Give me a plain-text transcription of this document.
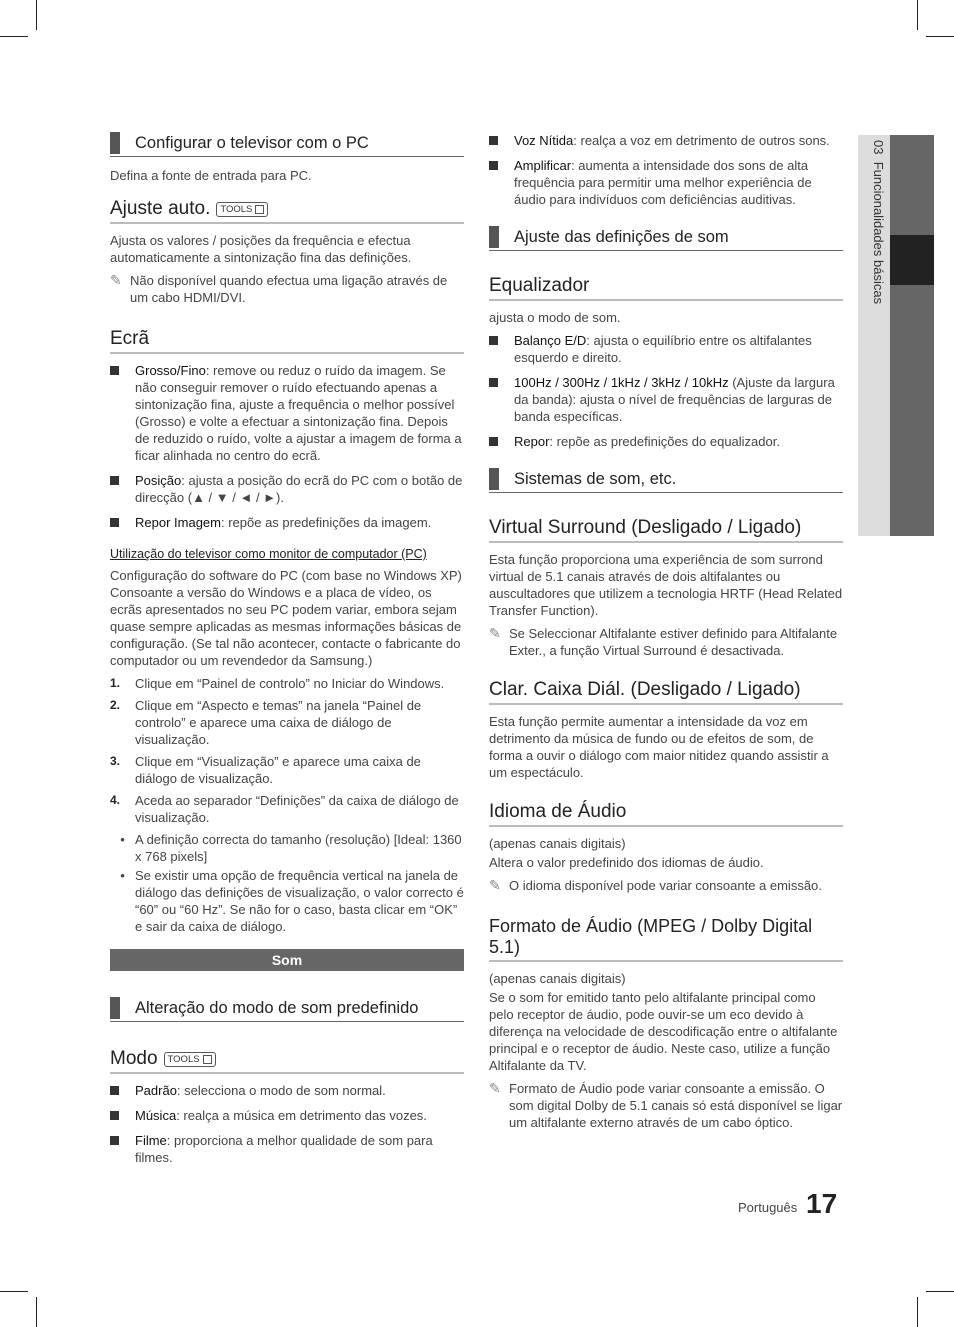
03  Funcionalidades básicas
Configurar o televisor com o PC

Defina a fonte de entrada para PC.

Ajuste auto. TOOLS

Ajusta os valores / posições da frequência e efectua automaticamente a sintonização fina das definições.

✎ Não disponível quando efectua uma ligação através de um cabo HDMI/DVI.
Ecrã
Grosso/Fino: remove ou reduz o ruído da imagem. Se não conseguir remover o ruído efectuando apenas a sintonização fina, ajuste a frequência o melhor possível (Grosso) e volte a efectuar a sintonização fina. Depois de reduzido o ruído, volte a ajustar a imagem de forma a ficar alinhada no centro do ecrã.
Posição: ajusta a posição do ecrã do PC com o botão de direcção (▲ / ▼ / ◄ / ►).
Repor Imagem: repõe as predefinições da imagem.
Utilização do televisor como monitor de computador (PC)

Configuração do software do PC (com base no Windows XP) Consoante a versão do Windows e a placa de vídeo, os ecrãs apresentados no seu PC podem variar, embora sejam quase sempre aplicadas as mesmas informações básicas de configuração. (Se tal não acontecer, contacte o fabricante do computador ou um revendedor da Samsung.)

1.	Clique em “Painel de controlo” no Iniciar do Windows.
2.	Clique em “Aspecto e temas” na janela “Painel de controlo” e aparece uma caixa de diálogo de visualização.
3.	Clique em “Visualização” e aparece uma caixa de diálogo de visualização.
4.	Aceda ao separador “Definições” da caixa de diálogo de visualização.
• A definição correcta do tamanho (resolução) [Ideal: 1360 x 768 pixels]
• Se existir uma opção de frequência vertical na janela de diálogo das definições de visualização, o valor correcto é “60” ou “60 Hz”. Se não for o caso, basta clicar em “OK” e sair da caixa de diálogo.
Som
Alteração do modo de som predefinido
Modo TOOLS
Padrão: selecciona o modo de som normal.
Música: realça a música em detrimento das vozes.
Filme: proporciona a melhor qualidade de som para filmes.
Voz Nítida: realça a voz em detrimento de outros sons.
Amplificar: aumenta a intensidade dos sons de alta frequência para permitir uma melhor experiência de áudio para indivíduos com deficiências auditivas.
Ajuste das definições de som
Equalizador

ajusta o modo de som.

Balanço E/D: ajusta o equilíbrio entre os altifalantes esquerdo e direito.
100Hz / 300Hz / 1kHz / 3kHz / 10kHz (Ajuste da largura da banda): ajusta o nível de frequências de larguras de banda específicas.
Repor: repõe as predefinições do equalizador.
Sistemas de som, etc.
Virtual Surround (Desligado / Ligado)

Esta função proporciona uma experiência de som surrond virtual de 5.1 canais através de dois altifalantes ou auscultadores que utilizem a tecnologia HRTF (Head Related Transfer Function).

✎ Se Seleccionar Altifalante estiver definido para Altifalante Exter., a função Virtual Surround é desactivada.
Clar. Caixa Diál. (Desligado / Ligado)

Esta função permite aumentar a intensidade da voz em detrimento da música de fundo ou de efeitos de som, de forma a ouvir o diálogo com maior nitidez quando assistir a um espectáculo.

Idioma de Áudio

(apenas canais digitais)

Altera o valor predefinido dos idiomas de áudio.

✎ O idioma disponível pode variar consoante a emissão.
Formato de Áudio (MPEG / Dolby Digital 5.1)

(apenas canais digitais)

Se o som for emitido tanto pelo altifalante principal como pelo receptor de áudio, pode ouvir-se um eco devido à diferença na velocidade de descodificação entre o altifalante principal e o receptor de áudio. Neste caso, utilize a função Altifalante da TV.

✎ Formato de Áudio pode variar consoante a emissão. O som digital Dolby de 5.1 canais só está disponível se ligar um altifalante externo através de um cabo óptico.
Português 17
